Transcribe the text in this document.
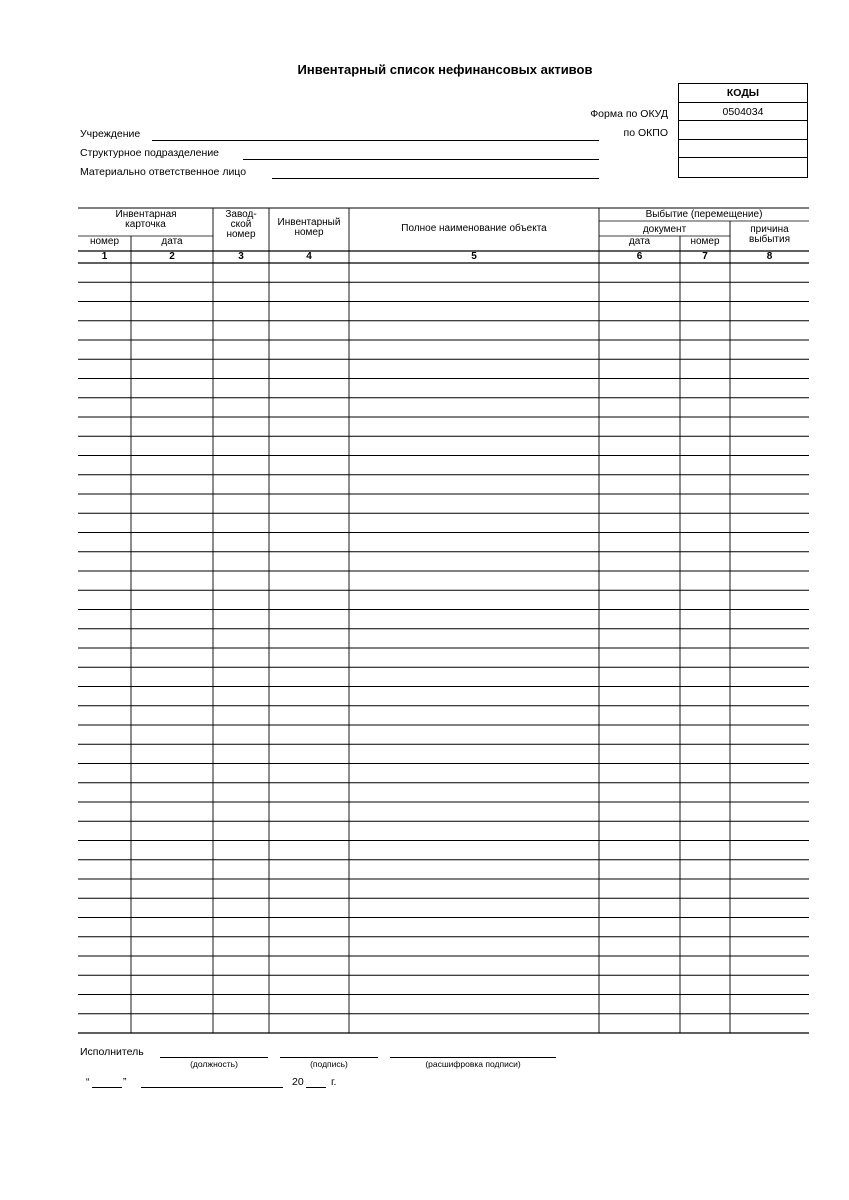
Инвентарный список нефинансовых активов
КОДЫ
0504034
Форма по ОКУД
по ОКПО
Учреждение
Структурное подразделение
Материально ответственное лицо
Инвентарная карточка
номер	дата
Завод-
ской
номер
Инвентарный номер	Полное наименование объекта
Выбытие (перемещение)
документ
дата	номер
причина выбытия
1	2	3	4	5	6	7	8
Исполнитель
(должность)	(подпись)	(расшифровка подписи)
“	”	20	г.
